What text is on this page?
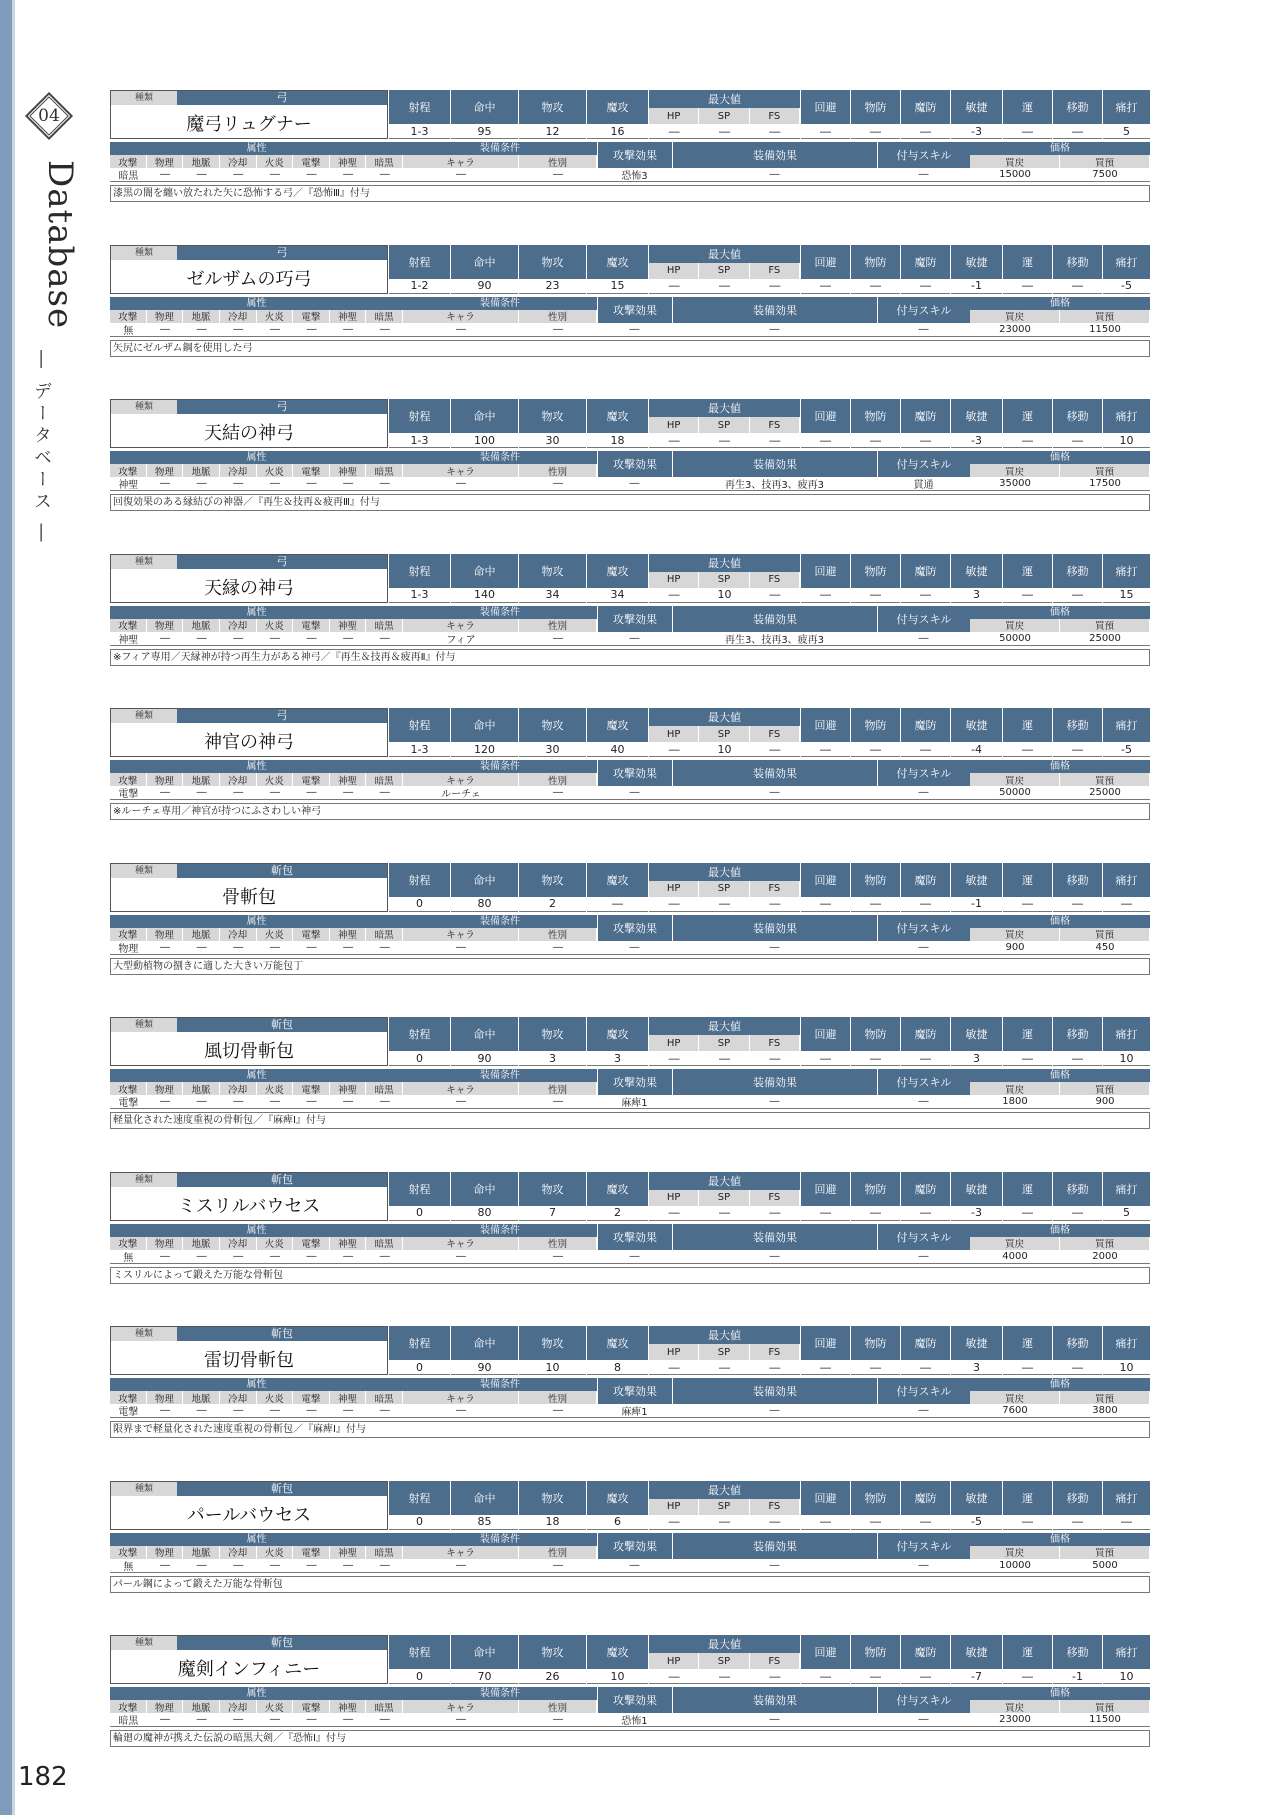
04
Database
― データベース ―
182
種類	弓
魔弓リュグナー
射程
1-3
命中
95
物攻
12
魔攻
16
最大値
HP	SP	FS
―	―	―
回避
―
物防
―
魔防
―
敏捷
-3
運
―
移動
―
痛打
5
属性
攻撃	物理	地脈	冷却	火炎	電撃	神聖	暗黒
暗黒	―	―	―	―	―	―	―
装備条件
キャラ	性別
―	―
攻撃効果
恐怖3
装備効果
―
付与スキル
―
価格
買戻	買預
15000	7500
漆黒の闇を纏い放たれた矢に恐怖する弓／『恐怖Ⅲ』付与
種類	弓
ゼルザムの巧弓
射程
1-2
命中
90
物攻
23
魔攻
15
最大値
HP	SP	FS
―	―	―
回避
―
物防
―
魔防
―
敏捷
-1
運
―
移動
―
痛打
-5
属性
攻撃	物理	地脈	冷却	火炎	電撃	神聖	暗黒
無	―	―	―	―	―	―	―
装備条件
キャラ	性別
―	―
攻撃効果
―
装備効果
―
付与スキル
―
価格
買戻	買預
23000	11500
矢尻にゼルザム鋼を使用した弓
種類	弓
天結の神弓
射程
1-3
命中
100
物攻
30
魔攻
18
最大値
HP	SP	FS
―	―	―
回避
―
物防
―
魔防
―
敏捷
-3
運
―
移動
―
痛打
10
属性
攻撃	物理	地脈	冷却	火炎	電撃	神聖	暗黒
神聖	―	―	―	―	―	―	―
装備条件
キャラ	性別
―	―
攻撃効果
―
装備効果
再生3、技再3、疲再3
付与スキル
貫通
価格
買戻	買預
35000	17500
回復効果のある縁結びの神器／『再生＆技再＆疲再Ⅲ』付与
種類	弓
天縁の神弓
射程
1-3
命中
140
物攻
34
魔攻
34
最大値
HP	SP	FS
―	10	―
回避
―
物防
―
魔防
―
敏捷
3
運
―
移動
―
痛打
15
属性
攻撃	物理	地脈	冷却	火炎	電撃	神聖	暗黒
神聖	―	―	―	―	―	―	―
装備条件
キャラ	性別
フィア	―
攻撃効果
―
装備効果
再生3、技再3、疲再3
付与スキル
―
価格
買戻	買預
50000	25000
※フィア専用／天縁神が持つ再生力がある神弓／『再生＆技再＆疲再Ⅱ』付与
種類	弓
神官の神弓
射程
1-3
命中
120
物攻
30
魔攻
40
最大値
HP	SP	FS
―	10	―
回避
―
物防
―
魔防
―
敏捷
-4
運
―
移動
―
痛打
-5
属性
攻撃	物理	地脈	冷却	火炎	電撃	神聖	暗黒
電撃	―	―	―	―	―	―	―
装備条件
キャラ	性別
ルーチェ	―
攻撃効果
―
装備効果
―
付与スキル
―
価格
買戻	買預
50000	25000
※ルーチェ専用／神官が持つにふさわしい神弓
種類	斬包
骨斬包
射程
0
命中
80
物攻
2
魔攻
―
最大値
HP	SP	FS
―	―	―
回避
―
物防
―
魔防
―
敏捷
-1
運
―
移動
―
痛打
―
属性
攻撃	物理	地脈	冷却	火炎	電撃	神聖	暗黒
物理	―	―	―	―	―	―	―
装備条件
キャラ	性別
―	―
攻撃効果
―
装備効果
―
付与スキル
―
価格
買戻	買預
900	450
大型動植物の捌きに適した大きい万能包丁
種類	斬包
風切骨斬包
射程
0
命中
90
物攻
3
魔攻
3
最大値
HP	SP	FS
―	―	―
回避
―
物防
―
魔防
―
敏捷
3
運
―
移動
―
痛打
10
属性
攻撃	物理	地脈	冷却	火炎	電撃	神聖	暗黒
電撃	―	―	―	―	―	―	―
装備条件
キャラ	性別
―	―
攻撃効果
麻痺1
装備効果
―
付与スキル
―
価格
買戻	買預
1800	900
軽量化された速度重視の骨斬包／『麻痺Ⅰ』付与
種類	斬包
ミスリルバウセス
射程
0
命中
80
物攻
7
魔攻
2
最大値
HP	SP	FS
―	―	―
回避
―
物防
―
魔防
―
敏捷
-3
運
―
移動
―
痛打
5
属性
攻撃	物理	地脈	冷却	火炎	電撃	神聖	暗黒
無	―	―	―	―	―	―	―
装備条件
キャラ	性別
―	―
攻撃効果
―
装備効果
―
付与スキル
―
価格
買戻	買預
4000	2000
ミスリルによって鍛えた万能な骨斬包
種類	斬包
雷切骨斬包
射程
0
命中
90
物攻
10
魔攻
8
最大値
HP	SP	FS
―	―	―
回避
―
物防
―
魔防
―
敏捷
3
運
―
移動
―
痛打
10
属性
攻撃	物理	地脈	冷却	火炎	電撃	神聖	暗黒
電撃	―	―	―	―	―	―	―
装備条件
キャラ	性別
―	―
攻撃効果
麻痺1
装備効果
―
付与スキル
―
価格
買戻	買預
7600	3800
限界まで軽量化された速度重視の骨斬包／『麻痺Ⅰ』付与
種類	斬包
パールバウセス
射程
0
命中
85
物攻
18
魔攻
6
最大値
HP	SP	FS
―	―	―
回避
―
物防
―
魔防
―
敏捷
-5
運
―
移動
―
痛打
―
属性
攻撃	物理	地脈	冷却	火炎	電撃	神聖	暗黒
無	―	―	―	―	―	―	―
装備条件
キャラ	性別
―	―
攻撃効果
―
装備効果
―
付与スキル
―
価格
買戻	買預
10000	5000
パール鋼によって鍛えた万能な骨斬包
種類	斬包
魔剣インフィニー
射程
0
命中
70
物攻
26
魔攻
10
最大値
HP	SP	FS
―	―	―
回避
―
物防
―
魔防
―
敏捷
-7
運
―
移動
-1
痛打
10
属性
攻撃	物理	地脈	冷却	火炎	電撃	神聖	暗黒
暗黒	―	―	―	―	―	―	―
装備条件
キャラ	性別
―	―
攻撃効果
恐怖1
装備効果
―
付与スキル
―
価格
買戻	買預
23000	11500
輪廻の魔神が携えた伝説の暗黒大剣／『恐怖Ⅰ』付与
